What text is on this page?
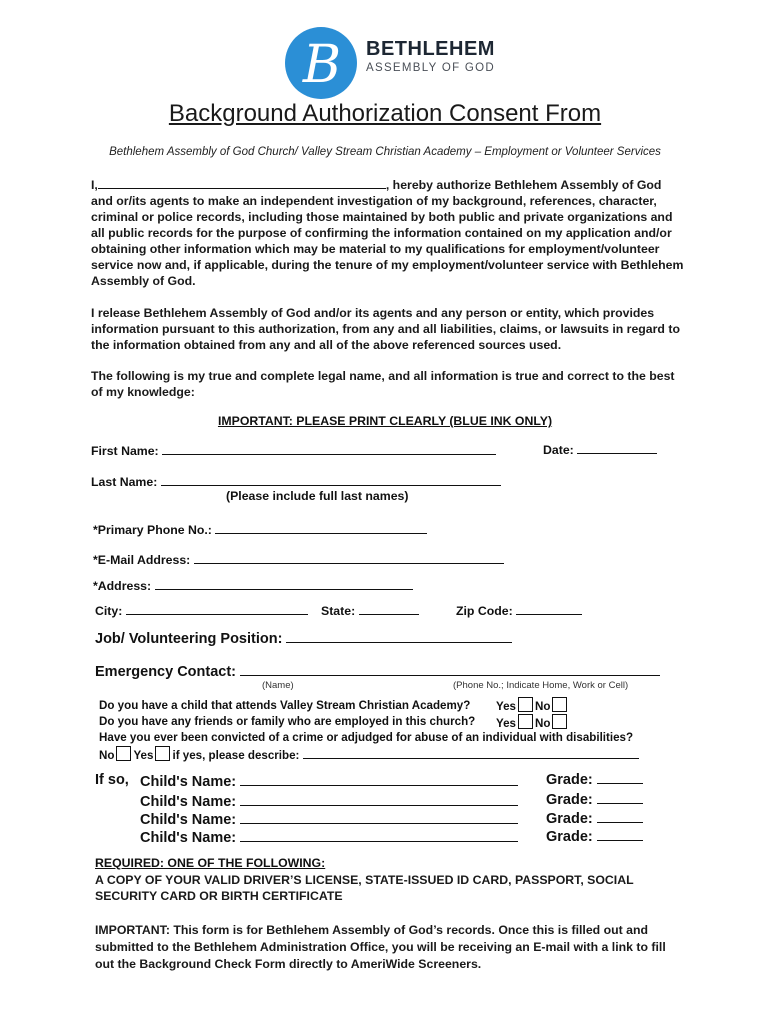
B BETHLEHEM
ASSEMBLY OF GOD
Background Authorization Consent From
Bethlehem Assembly of God Church/ Valley Stream Christian Academy – Employment or Volunteer Services
I,	, hereby authorize Bethlehem Assembly of God and or/its agents to make an independent investigation of my background, references, character, criminal or police records, including those maintained by both public and private organizations and all public records for the purpose of confirming the information contained on my application and/or obtaining other information which may be material to my qualifications for employment/volunteer service now and, if applicable, during the tenure of my employment/volunteer service with Bethlehem Assembly of God.
I release Bethlehem Assembly of God and/or its agents and any person or entity, which provides information pursuant to this authorization, from any and all liabilities, claims, or lawsuits in regard to the information obtained from any and all of the above referenced sources used.
The following is my true and complete legal name, and all information is true and correct to the best of my knowledge:
IMPORTANT: PLEASE PRINT CLEARLY (BLUE INK ONLY)
First Name:	Date:
Last Name:
(Please include full last names)
*Primary Phone No.:
*E-Mail Address:
*Address:
City:	State:	Zip Code:
Job/ Volunteering Position:
Emergency Contact:
(Name)	(Phone No.; Indicate Home, Work or Cell)
Do you have a child that attends Valley Stream Christian Academy? Yes No
Do you have any friends or family who are employed in this church? Yes No
Have you ever been convicted of a crime or adjudged for abuse of an individual with disabilities?
No Yes if yes, please describe:
If so, Child's Name:	Grade:
Child's Name:	Grade:
Child's Name:	Grade:
Child's Name:	Grade:
REQUIRED: ONE OF THE FOLLOWING:
A COPY OF YOUR VALID DRIVER’S LICENSE, STATE-ISSUED ID CARD, PASSPORT, SOCIAL SECURITY CARD OR BIRTH CERTIFICATE
IMPORTANT: This form is for Bethlehem Assembly of God’s records. Once this is filled out and submitted to the Bethlehem Administration Office, you will be receiving an E-mail with a link to fill out the Background Check Form directly to AmeriWide Screeners.
